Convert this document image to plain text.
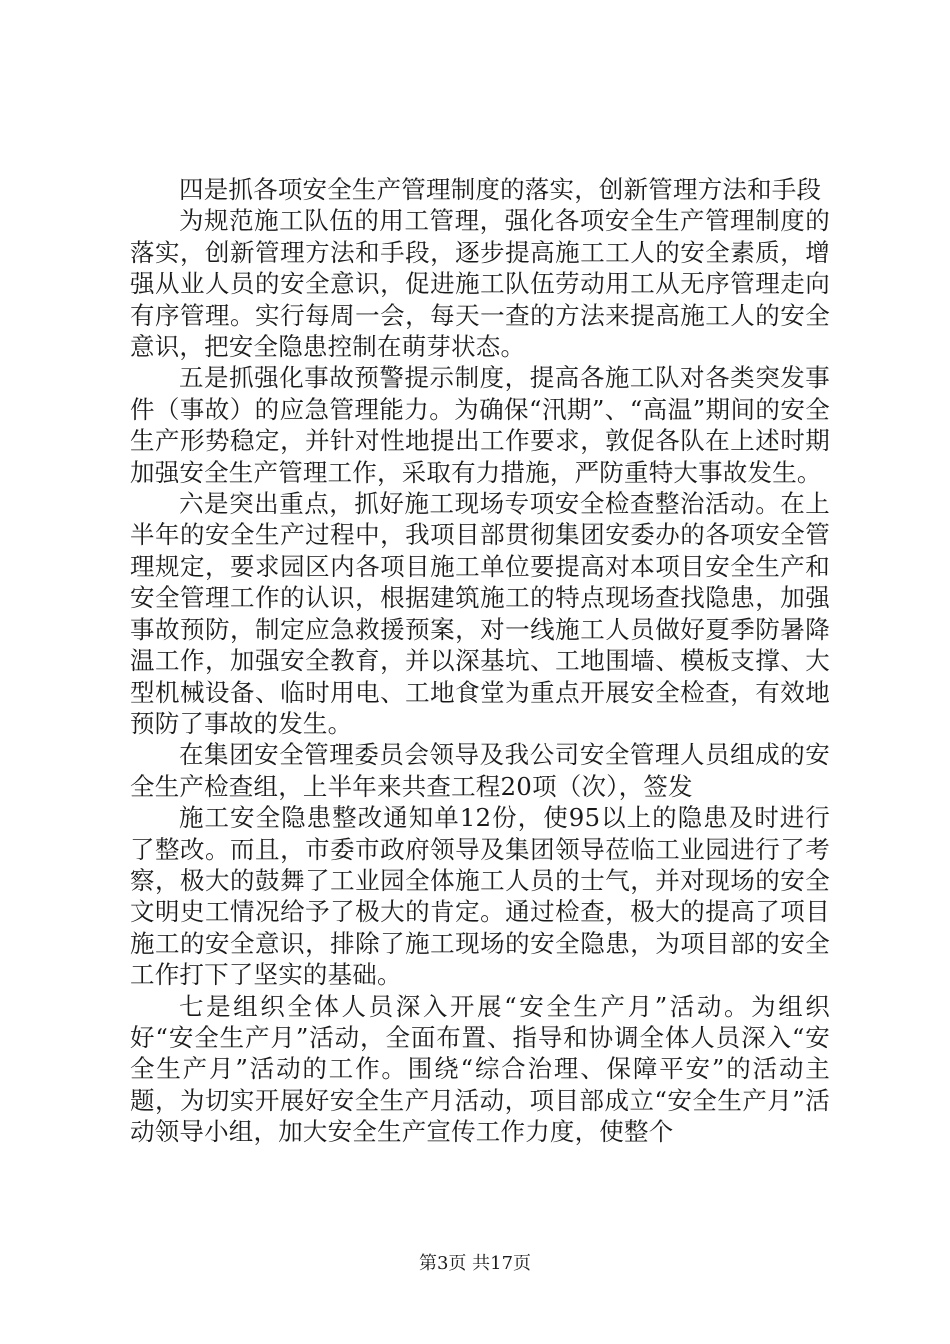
四是抓各项安全生产管理制度的落实，创新管理方法和手段

为规范施工队伍的用工管理，强化各项安全生产管理制度的落实，创新管理方法和手段，逐步提高施工工人的安全素质，增强从业人员的安全意识，促进施工队伍劳动用工从无序管理走向有序管理。实行每周一会，每天一查的方法来提高施工人的安全意识，把安全隐患控制在萌芽状态。

五是抓强化事故预警提示制度，提高各施工队对各类突发事件（事故）的应急管理能力。为确保“汛期”、“高温”期间的安全生产形势稳定，并针对性地提出工作要求，敦促各队在上述时期加强安全生产管理工作，采取有力措施，严防重特大事故发生。

六是突出重点，抓好施工现场专项安全检查整治活动。在上半年的安全生产过程中，我项目部贯彻集团安委办的各项安全管理规定，要求园区内各项目施工单位要提高对本项目安全生产和安全管理工作的认识，根据建筑施工的特点现场查找隐患，加强事故预防，制定应急救援预案，对一线施工人员做好夏季防暑降温工作，加强安全教育，并以深基坑、工地围墙、模板支撑、大型机械设备、临时用电、工地食堂为重点开展安全检查，有效地预防了事故的发生。

在集团安全管理委员会领导及我公司安全管理人员组成的安全生产检查组，上半年来共查工程20项（次），签发

施工安全隐患整改通知单12份，使95以上的隐患及时进行了整改。而且，市委市政府领导及集团领导莅临工业园进行了考察，极大的鼓舞了工业园全体施工人员的士气，并对现场的安全文明史工情况给予了极大的肯定。通过检查，极大的提高了项目施工的安全意识，排除了施工现场的安全隐患，为项目部的安全工作打下了坚实的基础。

七是组织全体人员深入开展“安全生产月”活动。为组织好“安全生产月”活动，全面布置、指导和协调全体人员深入“安全生产月”活动的工作。围绕“综合治理、保障平安”的活动主题，为切实开展好安全生产月活动，项目部成立“安全生产月”活动领导小组，加大安全生产宣传工作力度，使整个

第3页 共17页
